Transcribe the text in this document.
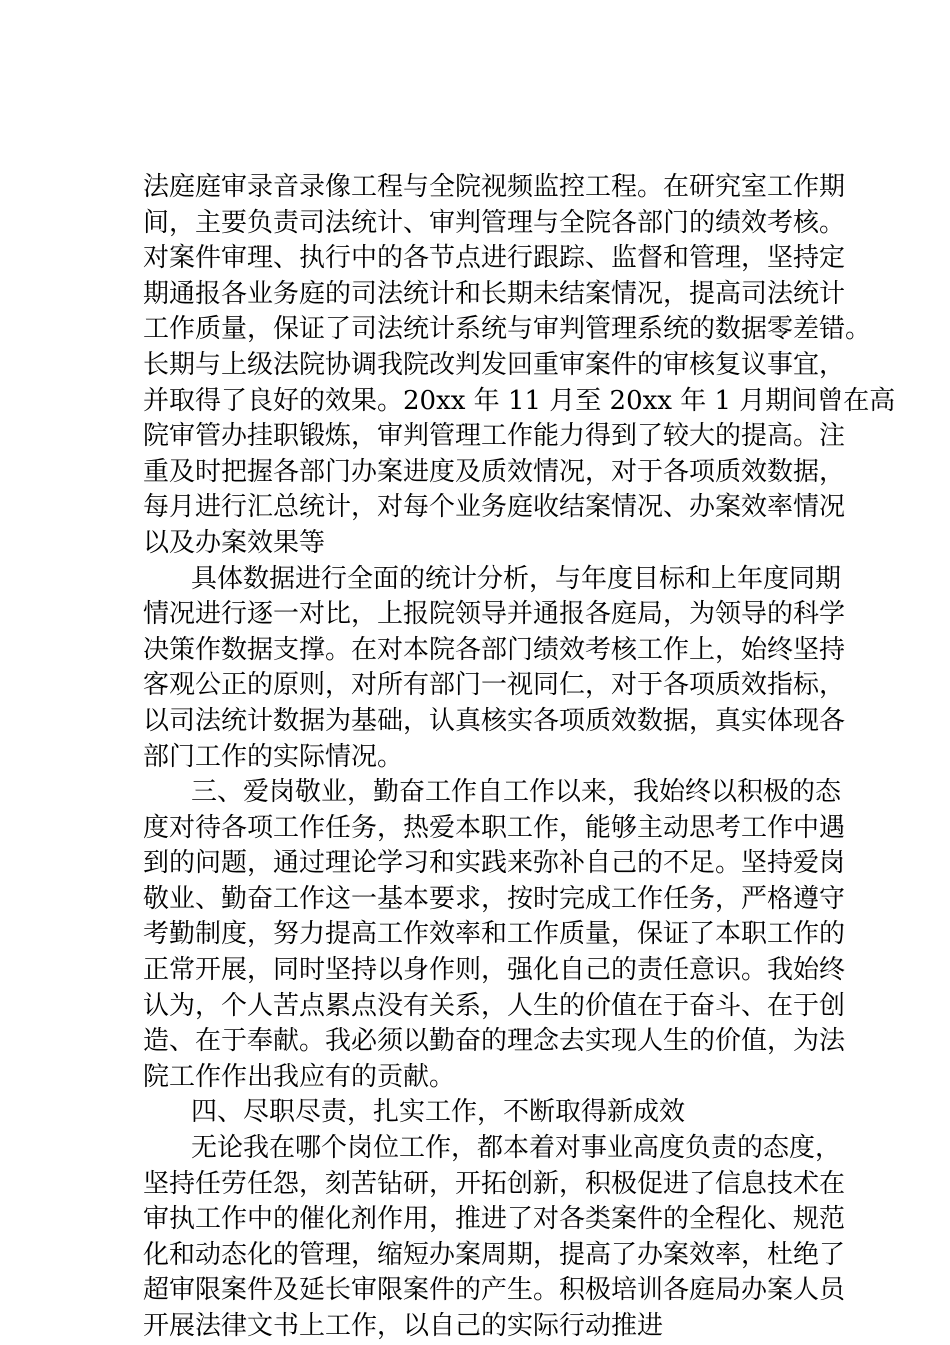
法庭庭审录音录像工程与全院视频监控工程。在研究室工作期
间，主要负责司法统计、审判管理与全院各部门的绩效考核。
对案件审理、执行中的各节点进行跟踪、监督和管理，坚持定
期通报各业务庭的司法统计和长期未结案情况，提高司法统计
工作质量，保证了司法统计系统与审判管理系统的数据零差错。
长期与上级法院协调我院改判发回重审案件的审核复议事宜，
并取得了良好的效果。20xx 年 11 月至 20xx 年 1 月期间曾在高
院审管办挂职锻炼，审判管理工作能力得到了较大的提高。注
重及时把握各部门办案进度及质效情况，对于各项质效数据，
每月进行汇总统计，对每个业务庭收结案情况、办案效率情况
以及办案效果等
具体数据进行全面的统计分析，与年度目标和上年度同期
情况进行逐一对比，上报院领导并通报各庭局，为领导的科学
决策作数据支撑。在对本院各部门绩效考核工作上，始终坚持
客观公正的原则，对所有部门一视同仁，对于各项质效指标，
以司法统计数据为基础，认真核实各项质效数据，真实体现各
部门工作的实际情况。
三、爱岗敬业，勤奋工作自工作以来，我始终以积极的态
度对待各项工作任务，热爱本职工作，能够主动思考工作中遇
到的问题，通过理论学习和实践来弥补自己的不足。坚持爱岗
敬业、勤奋工作这一基本要求，按时完成工作任务，严格遵守
考勤制度，努力提高工作效率和工作质量，保证了本职工作的
正常开展，同时坚持以身作则，强化自己的责任意识。我始终
认为，个人苦点累点没有关系，人生的价值在于奋斗、在于创
造、在于奉献。我必须以勤奋的理念去实现人生的价值，为法
院工作作出我应有的贡献。
四、尽职尽责，扎实工作，不断取得新成效
无论我在哪个岗位工作，都本着对事业高度负责的态度，
坚持任劳任怨，刻苦钻研，开拓创新，积极促进了信息技术在
审执工作中的催化剂作用，推进了对各类案件的全程化、规范
化和动态化的管理，缩短办案周期，提高了办案效率，杜绝了
超审限案件及延长审限案件的产生。积极培训各庭局办案人员
开展法律文书上工作，以自己的实际行动推进
